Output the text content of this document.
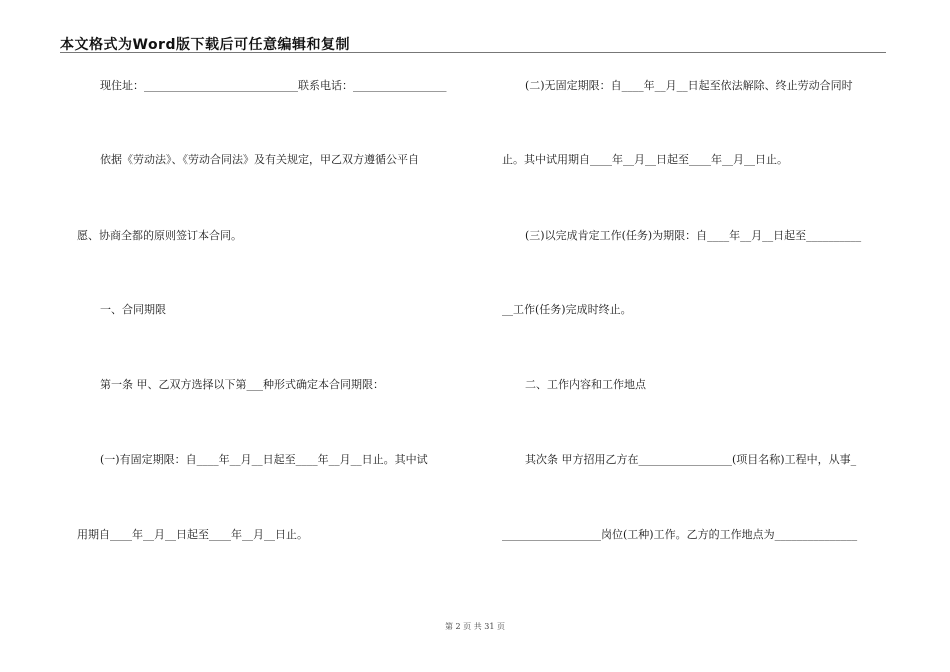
本文格式为Word版下载后可任意编辑和复制
现住址：____________________________联系电话：_________________
依据《劳动法》、《劳动合同法》及有关规定，甲乙双方遵循公平自
愿、协商全都的原则签订本合同。
一、合同期限
第一条 甲、乙双方选择以下第___种形式确定本合同期限：
(一)有固定期限：自____年__月__日起至____年__月__日止。其中试
用期自____年__月__日起至____年__月__日止。
(二)无固定期限：自____年__月__日起至依法解除、终止劳动合同时
止。其中试用期自____年__月__日起至____年__月__日止。
(三)以完成肯定工作(任务)为期限：自____年__月__日起至__________
__工作(任务)完成时终止。
二、工作内容和工作地点
其次条 甲方招用乙方在_________________(项目名称)工程中，从事_
__________________岗位(工种)工作。乙方的工作地点为_______________
第 2 页 共 31 页
